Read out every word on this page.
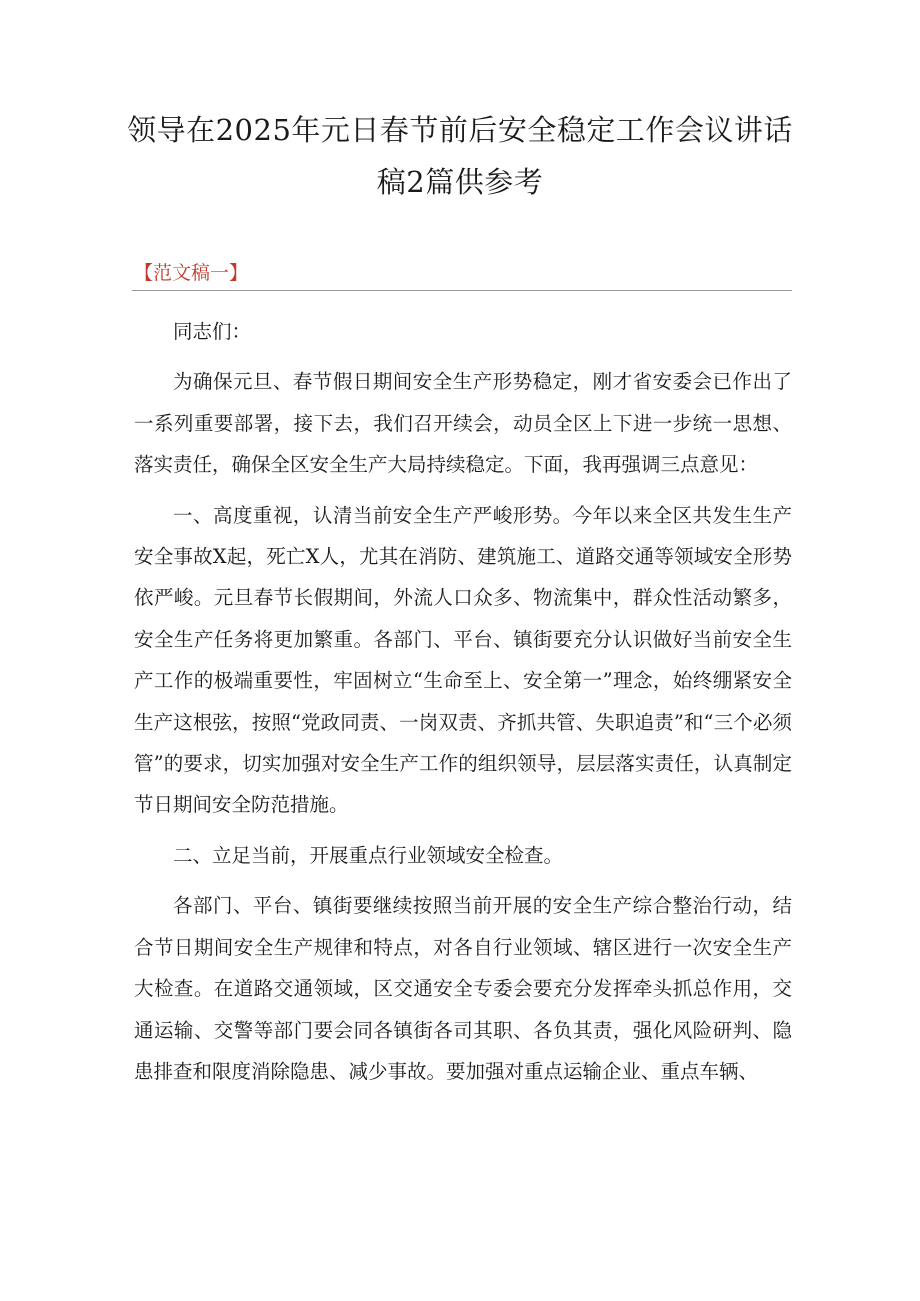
领导在2025年元日春节前后安全稳定工作会议讲话
稿2篇供参考

【范文稿一】

同志们：

为确保元旦、春节假日期间安全生产形势稳定，刚才省安委会已作出了一系列重要部署，接下去，我们召开续会，动员全区上下进一步统一思想、落实责任，确保全区安全生产大局持续稳定。下面，我再强调三点意见：

一、高度重视，认清当前安全生产严峻形势。今年以来全区共发生生产安全事故X起，死亡X人，尤其在消防、建筑施工、道路交通等领域安全形势依严峻。元旦春节长假期间，外流人口众多、物流集中，群众性活动繁多，安全生产任务将更加繁重。各部门、平台、镇街要充分认识做好当前安全生产工作的极端重要性，牢固树立“生命至上、安全第一”理念，始终绷紧安全生产这根弦，按照“党政同责、一岗双责、齐抓共管、失职追责”和“三个必须管”的要求，切实加强对安全生产工作的组织领导，层层落实责任，认真制定节日期间安全防范措施。

二、立足当前，开展重点行业领域安全检查。

各部门、平台、镇街要继续按照当前开展的安全生产综合整治行动，结合节日期间安全生产规律和特点，对各自行业领域、辖区进行一次安全生产大检查。在道路交通领域，区交通安全专委会要充分发挥牵头抓总作用，交通运输、交警等部门要会同各镇街各司其职、各负其责，强化风险研判、隐患排查和限度消除隐患、减少事故。要加强对重点运输企业、重点车辆、
